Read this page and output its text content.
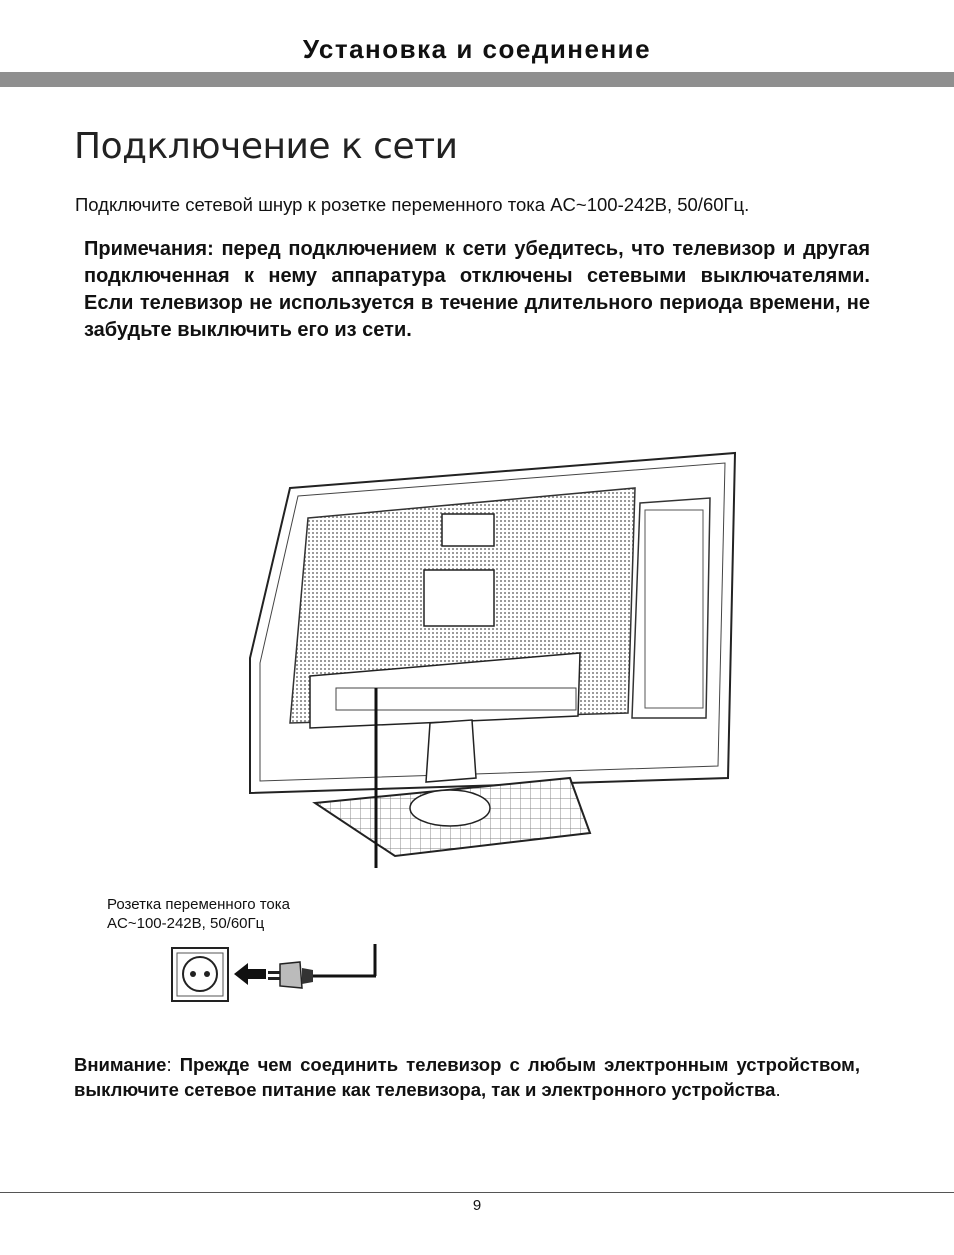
Установка и соединение
Подключение к сети
Подключите сетевой шнур к розетке переменного тока AC~100-242В, 50/60Гц.
Примечания: перед подключением к сети убедитесь, что телевизор и другая подключенная к нему аппаратура отключены сетевыми выключателями. Если телевизор не используется в течение длительного периода времени, не забудьте выключить его из сети.
Розетка переменного тока
AC~100-242В, 50/60Гц
Внимание: Прежде чем соединить телевизор с любым электронным устройством, выключите сетевое питание как телевизора, так и электронного устройства.
9
